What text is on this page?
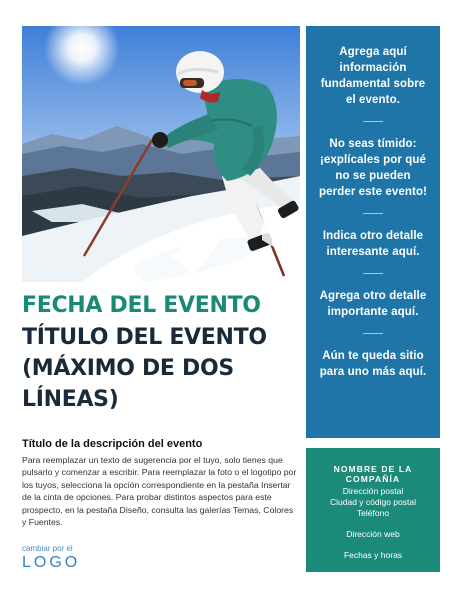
Agrega aquí información fundamental sobre el evento.
No seas tímido: ¡explícales por qué no se pueden perder este evento!
Indica otro detalle interesante aquí.
Agrega otro detalle importante aquí.
Aún te queda sitio para uno más aquí.
NOMBRE DE LA COMPAÑÍA
Dirección postal
Ciudad y código postal
Teléfono
Dirección web
Fechas y horas
FECHA DEL EVENTO
TÍTULO DEL EVENTO (MÁXIMO DE DOS LÍNEAS)
Título de la descripción del evento
Para reemplazar un texto de sugerencia por el tuyo, solo tienes que pulsarlo y comenzar a escribir. Para reemplazar la foto o el logotipo por los tuyos, selecciona la opción correspondiente en la pestaña Insertar de la cinta de opciones. Para probar distintos aspectos para este prospecto, en la pestaña Diseño, consulta las galerías Temas, Colores y Fuentes.
cambiar por el
LOGO
